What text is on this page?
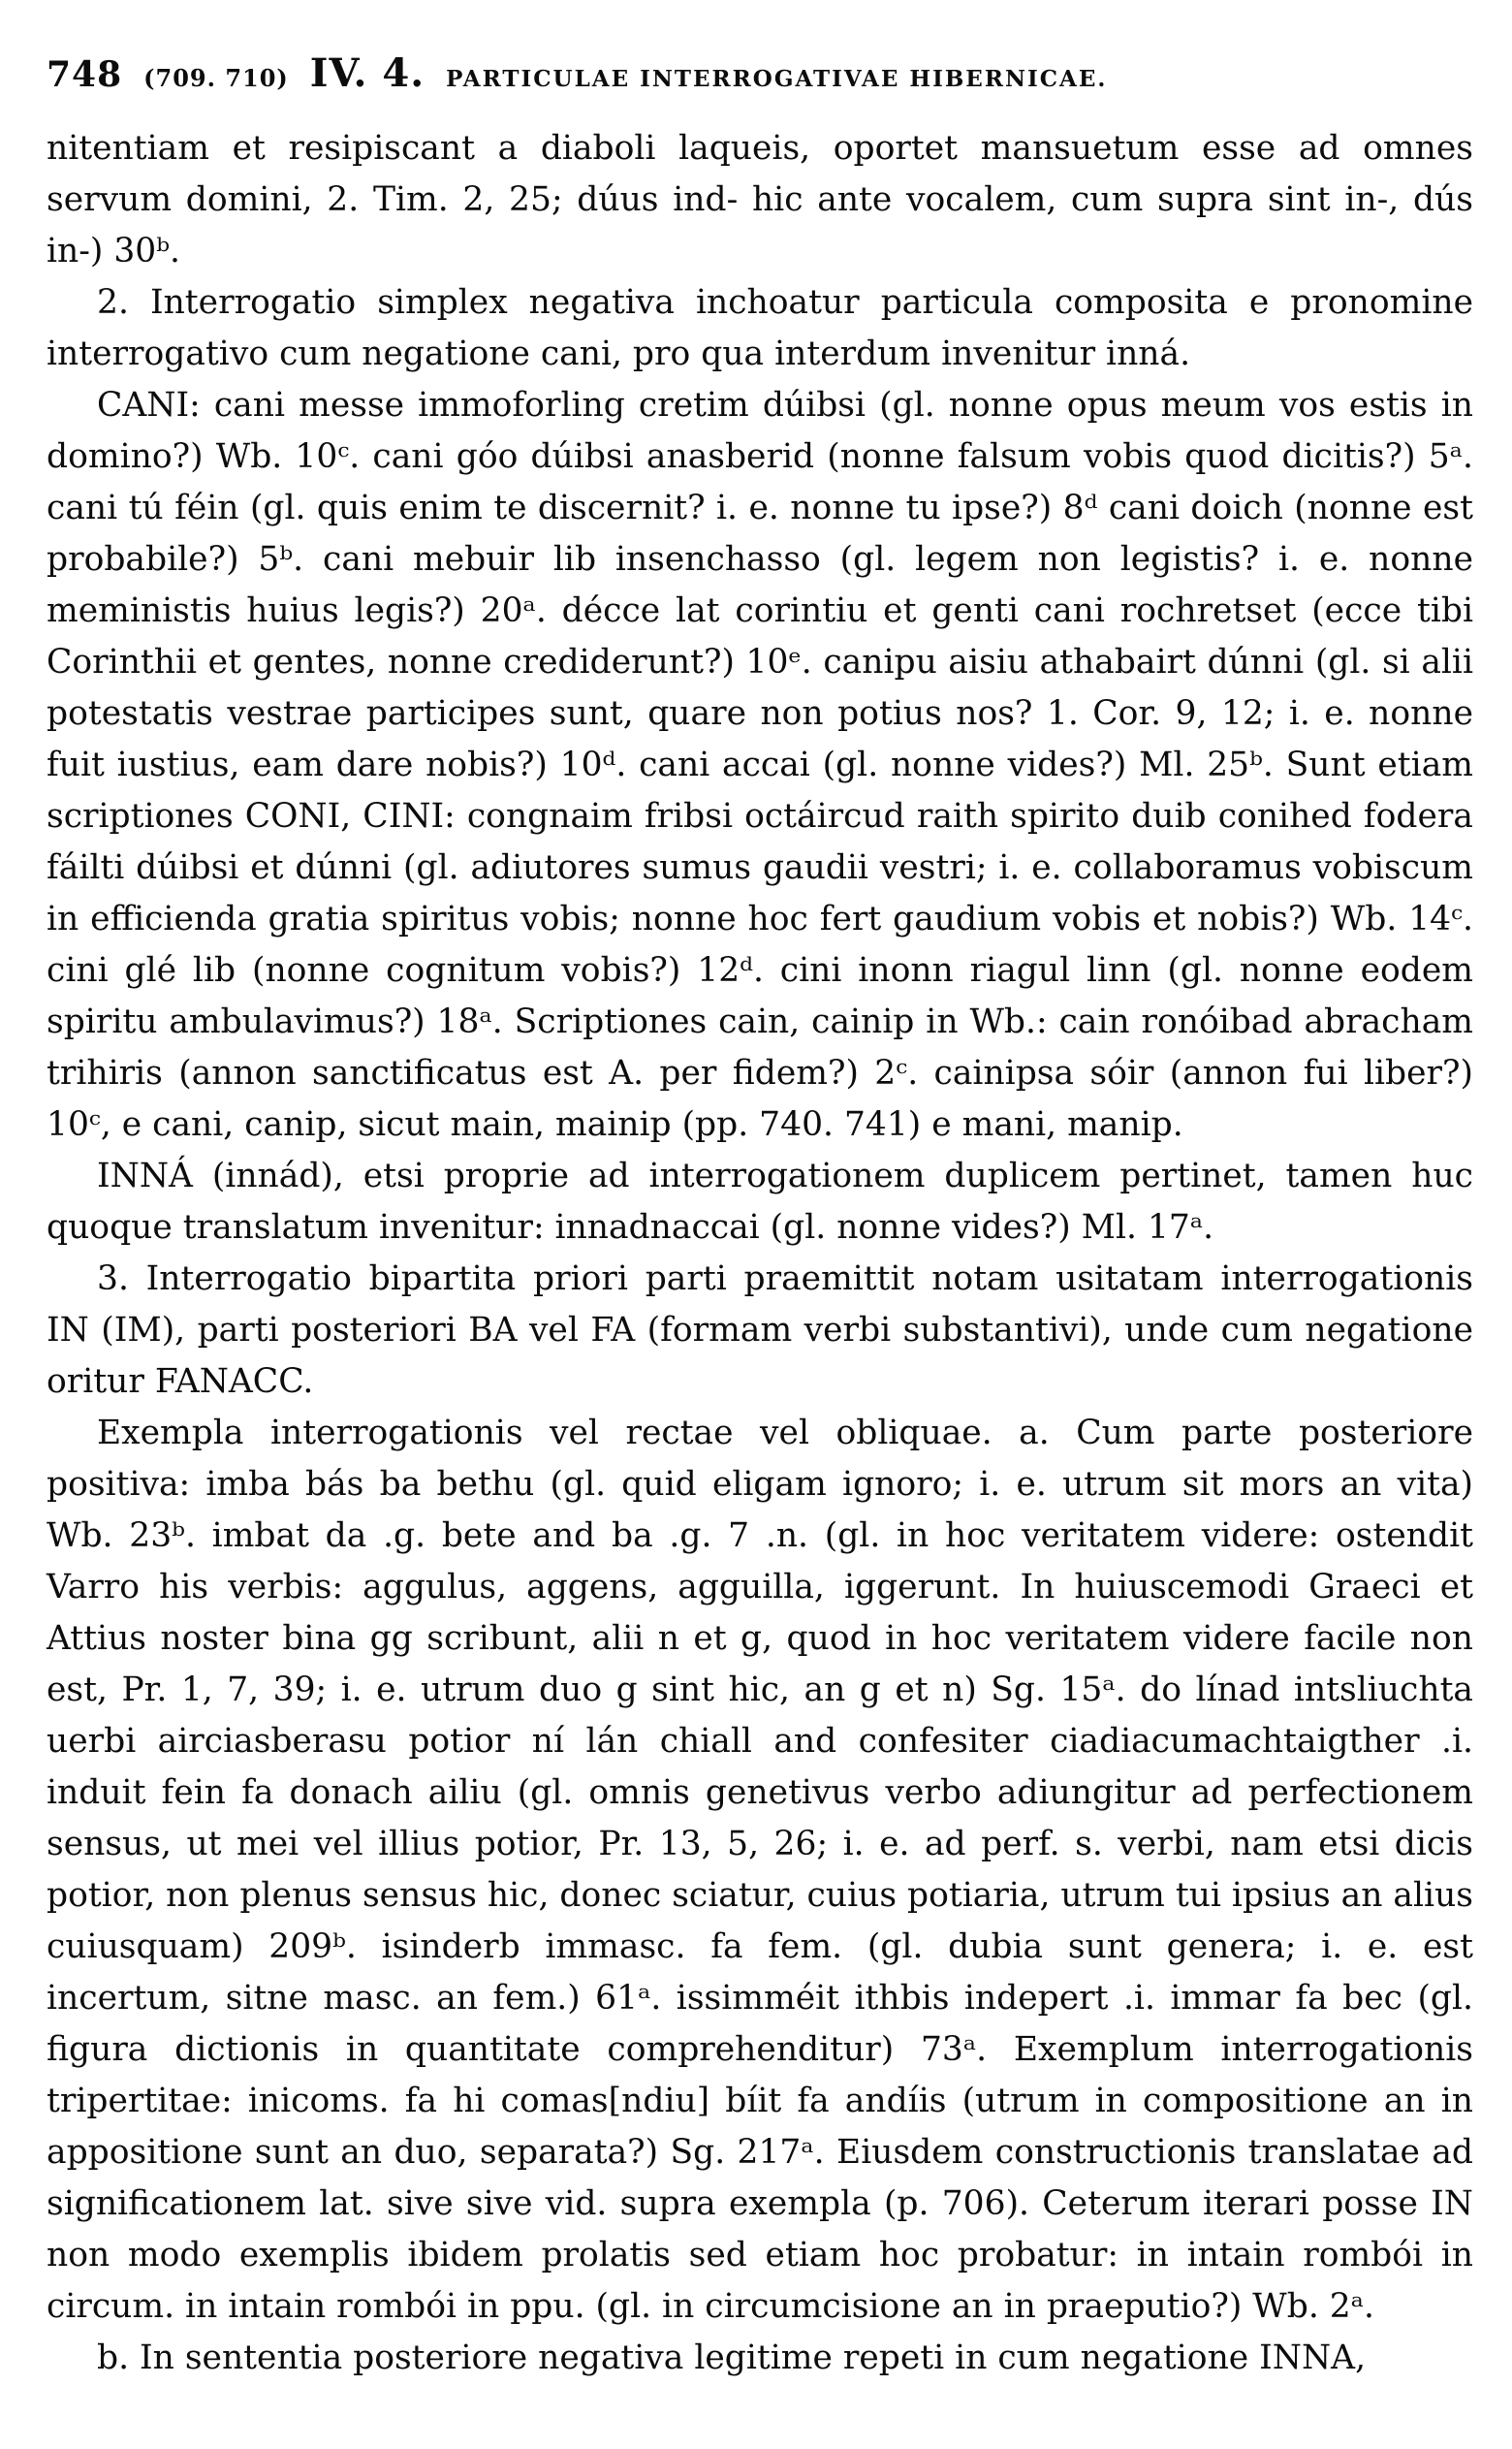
748 (709. 710) IV. 4. PARTICULAE INTERROGATIVAE HIBERNICAE.

nitentiam et resipiscant a diaboli laqueis, oportet mansuetum esse ad omnes servum domini, 2. Tim. 2, 25; dúus ind- hic ante vocalem, cum supra sint in-, dús in-) 30ᵇ.

2. Interrogatio simplex negativa inchoatur particula composita e pronomine interrogativo cum negatione cani, pro qua interdum invenitur inná.

CANI: cani messe immoforling cretim dúibsi (gl. nonne opus meum vos estis in domino?) Wb. 10ᶜ. cani góo dúibsi anasberid (nonne falsum vobis quod dicitis?) 5ᵃ. cani tú féin (gl. quis enim te discernit? i. e. nonne tu ipse?) 8ᵈ cani doich (nonne est probabile?) 5ᵇ. cani mebuir lib insenchasso (gl. legem non legistis? i. e. nonne meministis huius legis?) 20ᵃ. décce lat corintiu et genti cani rochretset (ecce tibi Corinthii et gentes, nonne crediderunt?) 10ᵉ. canipu aisiu athabairt dúnni (gl. si alii potestatis vestrae participes sunt, quare non potius nos? 1. Cor. 9, 12; i. e. nonne fuit iustius, eam dare nobis?) 10ᵈ. cani accai (gl. nonne vides?) Ml. 25ᵇ. Sunt etiam scriptiones CONI, CINI: congnaim fribsi octáircud raith spirito duib conihed fodera fáilti dúibsi et dúnni (gl. adiutores sumus gaudii vestri; i. e. collaboramus vobiscum in efficienda gratia spiritus vobis; nonne hoc fert gaudium vobis et nobis?) Wb. 14ᶜ. cini glé lib (nonne cognitum vobis?) 12ᵈ. cini inonn riagul linn (gl. nonne eodem spiritu ambulavimus?) 18ᵃ. Scriptiones cain, cainip in Wb.: cain ronóibad abracham trihiris (annon sanctificatus est A. per fidem?) 2ᶜ. cainipsa sóir (annon fui liber?) 10ᶜ, e cani, canip, sicut main, mainip (pp. 740. 741) e mani, manip.

INNÁ (innád), etsi proprie ad interrogationem duplicem pertinet, tamen huc quoque translatum invenitur: innadnaccai (gl. nonne vides?) Ml. 17ᵃ.

3. Interrogatio bipartita priori parti praemittit notam usitatam interrogationis IN (IM), parti posteriori BA vel FA (formam verbi substantivi), unde cum negatione oritur FANACC.

Exempla interrogationis vel rectae vel obliquae. a. Cum parte posteriore positiva: imba bás ba bethu (gl. quid eligam ignoro; i. e. utrum sit mors an vita) Wb. 23ᵇ. imbat da .g. bete and ba .g. 7 .n. (gl. in hoc veritatem videre: ostendit Varro his verbis: aggulus, aggens, agguilla, iggerunt. In huiuscemodi Graeci et Attius noster bina gg scribunt, alii n et g, quod in hoc veritatem videre facile non est, Pr. 1, 7, 39; i. e. utrum duo g sint hic, an g et n) Sg. 15ᵃ. do línad intsliuchta uerbi airciasberasu potior ní lán chiall and confesiter ciadiacumachtaigther .i. induit fein fa donach ailiu (gl. omnis genetivus verbo adiungitur ad perfectionem sensus, ut mei vel illius potior, Pr. 13, 5, 26; i. e. ad perf. s. verbi, nam etsi dicis potior, non plenus sensus hic, donec sciatur, cuius potiaria, utrum tui ipsius an alius cuiusquam) 209ᵇ. isinderb immasc. fa fem. (gl. dubia sunt genera; i. e. est incertum, sitne masc. an fem.) 61ᵃ. issimméit ithbis indepert .i. immar fa bec (gl. figura dictionis in quantitate comprehenditur) 73ᵃ. Exemplum interrogationis tripertitae: inicoms. fa hi comas[ndiu] bíit fa andíis (utrum in compositione an in appositione sunt an duo, separata?) Sg. 217ᵃ. Eiusdem constructionis translatae ad significationem lat. sive sive vid. supra exempla (p. 706). Ceterum iterari posse IN non modo exemplis ibidem prolatis sed etiam hoc probatur: in intain rombói in circum. in intain rombói in ppu. (gl. in circumcisione an in praeputio?) Wb. 2ᵃ.

b. In sententia posteriore negativa legitime repeti in cum negatione INNA,
